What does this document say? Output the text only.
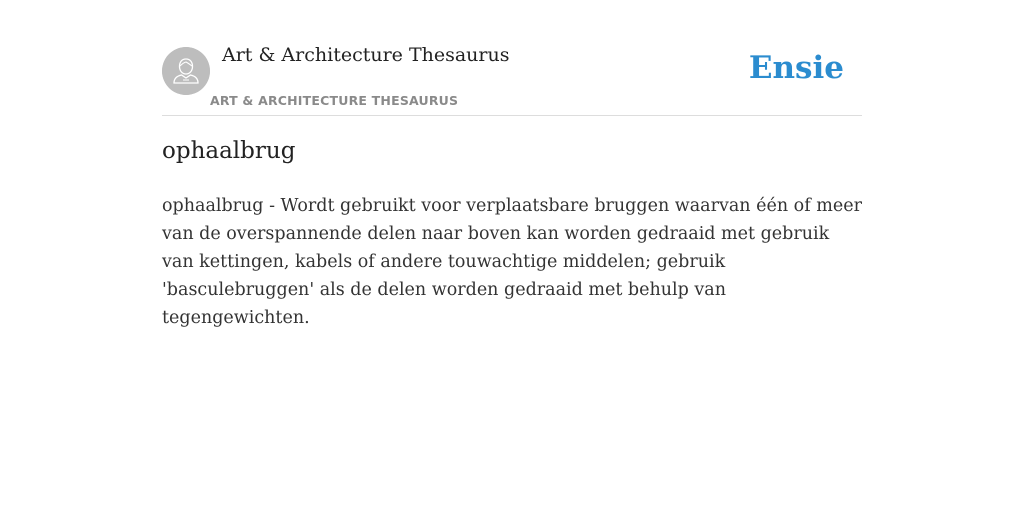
Art & Architecture Thesaurus
ART & ARCHITECTURE THESAURUS
Ensie
ophaalbrug

ophaalbrug - Wordt gebruikt voor verplaatsbare bruggen waarvan één of meer van de overspannende delen naar boven kan worden gedraaid met gebruik van kettingen, kabels of andere touwachtige middelen; gebruik 'basculebruggen' als de delen worden gedraaid met behulp van tegengewichten.
